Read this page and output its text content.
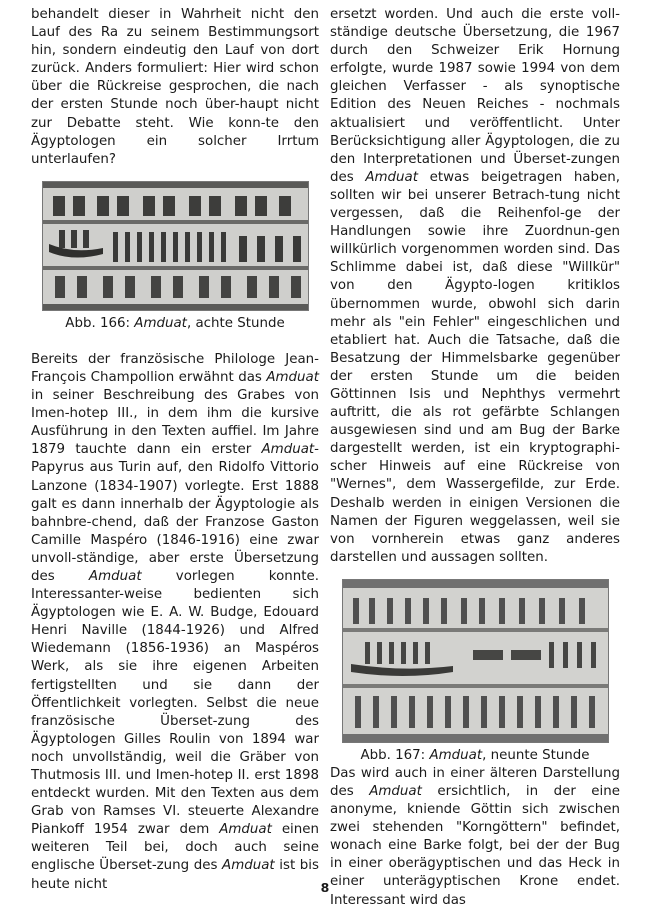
behandelt dieser in Wahrheit nicht den Lauf des Ra zu seinem Bestimmungsort hin, sondern eindeutig den Lauf von dort zurück. Anders formuliert: Hier wird schon über die Rückreise gesprochen, die nach der ersten Stunde noch über-haupt nicht zur Debatte steht. Wie konn-te den Ägyptologen ein solcher Irrtum unterlaufen?

Abb. 166: Amduat, achte Stunde

Bereits der französische Philologe Jean-François Champollion erwähnt das Amduat in seiner Beschreibung des Grabes von Imen-hotep III., in dem ihm die kursive Ausführung in den Texten auffiel. Im Jahre 1879 tauchte dann ein erster Amduat-Papyrus aus Turin auf, den Ridolfo Vittorio Lanzone (1834-1907) vorlegte. Erst 1888 galt es dann innerhalb der Ägyptologie als bahnbre-chend, daß der Franzose Gaston Camille Maspéro (1846-1916) eine zwar unvoll-ständige, aber erste Übersetzung des Amduat vorlegen konnte. Interessanter-weise bedienten sich Ägyptologen wie E. A. W. Budge, Edouard Henri Naville (1844-1926) und Alfred Wiedemann (1856-1936) an Maspéros Werk, als sie ihre eigenen Arbeiten fertigstellten und sie dann der Öffentlichkeit vorlegten. Selbst die neue französische Überset-zung des Ägyptologen Gilles Roulin von 1894 war noch unvollständig, weil die Gräber von Thutmosis III. und Imen-hotep II. erst 1898 entdeckt wurden. Mit den Texten aus dem Grab von Ramses VI. steuerte Alexandre Piankoff 1954 zwar dem Amduat einen weiteren Teil bei, doch auch seine englische Überset-zung des Amduat ist bis heute nicht

ersetzt worden. Und auch die erste voll-ständige deutsche Übersetzung, die 1967 durch den Schweizer Erik Hornung erfolgte, wurde 1987 sowie 1994 von dem gleichen Verfasser - als synoptische Edition des Neuen Reiches - nochmals aktualisiert und veröffentlicht. Unter Berücksichtigung aller Ägyptologen, die zu den Interpretationen und Überset-zungen des Amduat etwas beigetragen haben, sollten wir bei unserer Betrach-tung nicht vergessen, daß die Reihenfol-ge der Handlungen sowie ihre Zuordnun-gen willkürlich vorgenommen worden sind. Das Schlimme dabei ist, daß diese "Willkür" von den Ägypto-logen kritiklos übernommen wurde, obwohl sich darin mehr als "ein Fehler" eingeschlichen und etabliert hat. Auch die Tatsache, daß die Besatzung der Himmelsbarke gegenüber der ersten Stunde um die beiden Göttinnen Isis und Nephthys vermehrt auftritt, die als rot gefärbte Schlangen ausgewiesen sind und am Bug der Barke dargestellt werden, ist ein kryptographi-scher Hinweis auf eine Rückreise von "Wernes", dem Wassergefilde, zur Erde. Deshalb werden in einigen Versionen die Namen der Figuren weggelassen, weil sie von vornherein etwas ganz anderes darstellen und aussagen sollten.

Abb. 167: Amduat, neunte Stunde

Das wird auch in einer älteren Darstellung des Amduat ersichtlich, in der eine anonyme, kniende Göttin sich zwischen zwei stehenden "Korngöttern" befindet, wonach eine Barke folgt, bei der der Bug in einer oberägyptischen und das Heck in einer unterägyptischen Krone endet. Interessant wird das

8
